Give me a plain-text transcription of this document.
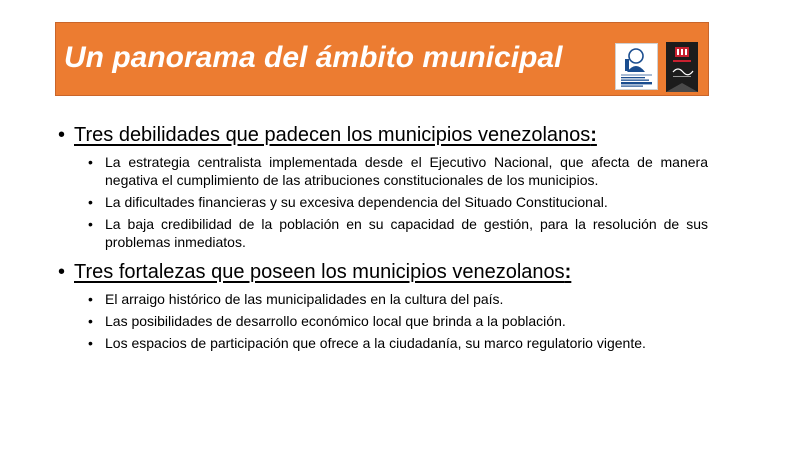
Un panorama del ámbito municipal
• Tres debilidades que padecen los municipios venezolanos:
• La estrategia centralista implementada desde el Ejecutivo Nacional, que afecta de manera negativa el cumplimiento de las atribuciones constitucionales de los municipios.
• La dificultades financieras y su excesiva dependencia del Situado Constitucional.
• La baja credibilidad de la población en su capacidad de gestión, para la resolución de sus problemas inmediatos.
• Tres fortalezas que poseen los municipios venezolanos:
• El arraigo histórico de las municipalidades en la cultura del país.
• Las posibilidades de desarrollo económico local que brinda a la población.
• Los espacios de participación que ofrece a la ciudadanía, su marco regulatorio vigente.
